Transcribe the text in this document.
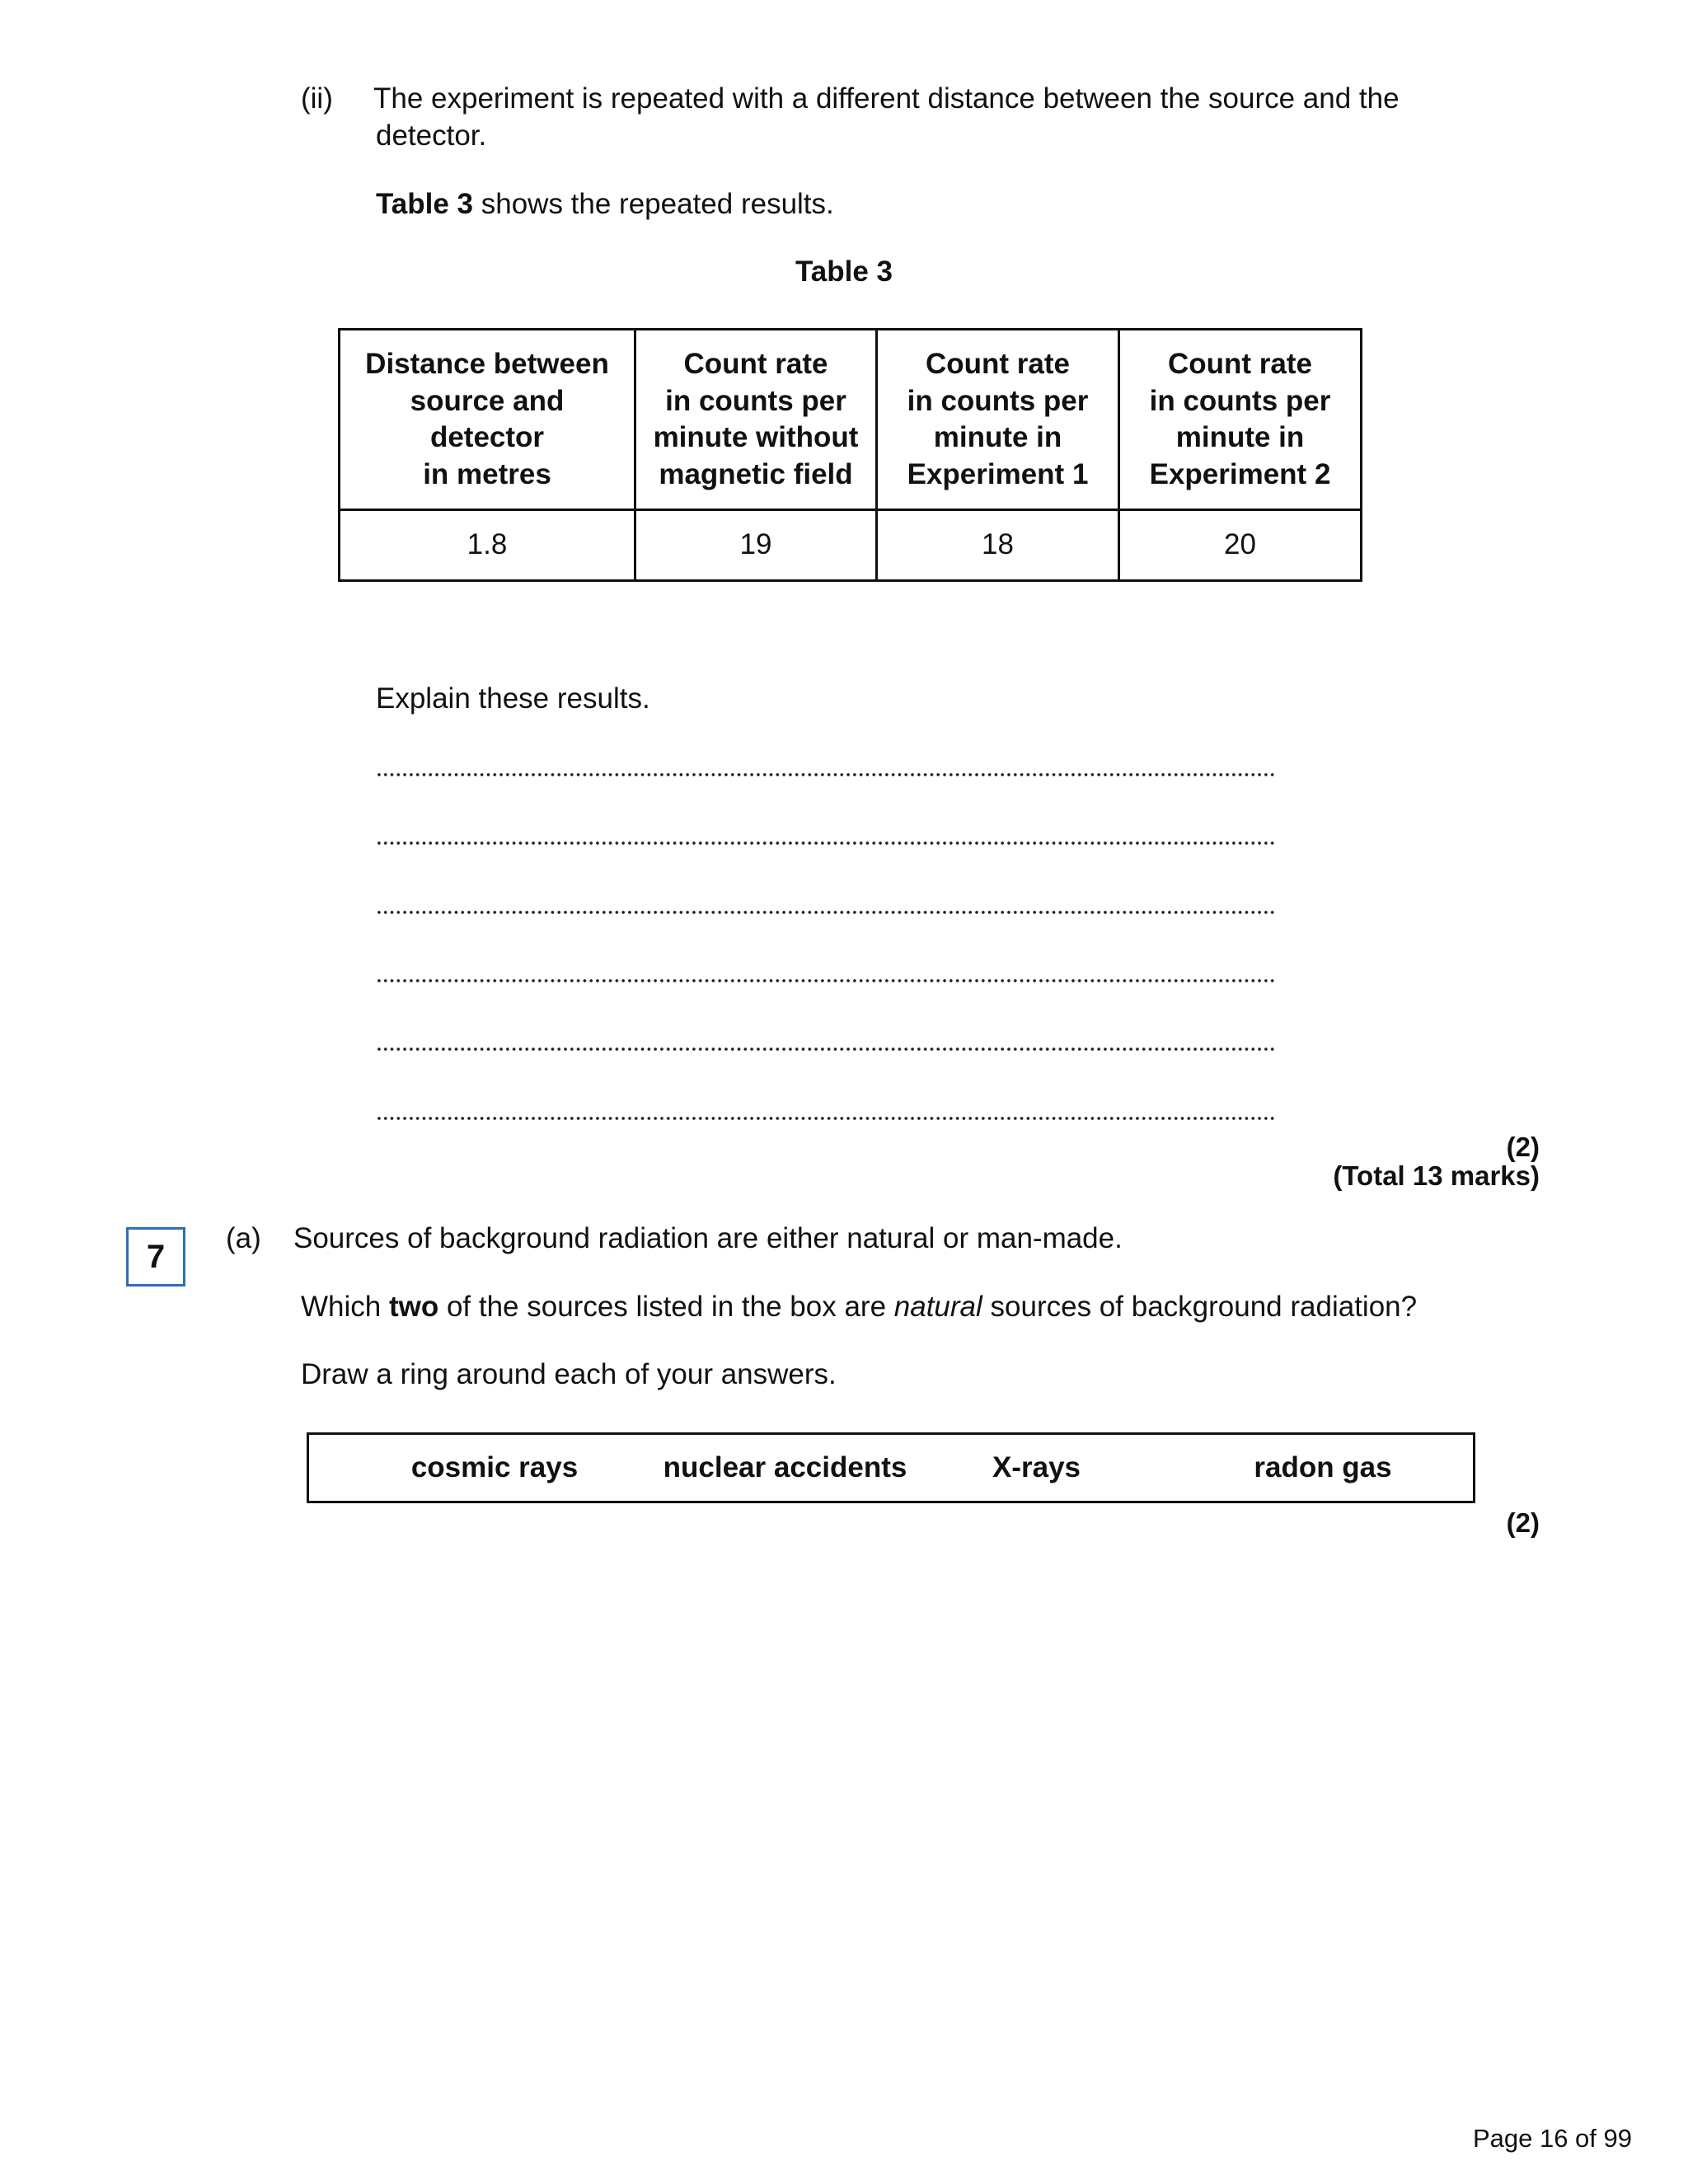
(ii) The experiment is repeated with a different distance between the source and the
detector.
Table 3 shows the repeated results.
Table 3
Distance between
source and
detector
in metres	Count rate
in counts per
minute without
magnetic field	Count rate
in counts per
minute in
Experiment 1	Count rate
in counts per
minute in
Experiment 2
1.8	19	18	20
Explain these results.
(2)
(Total 13 marks)
7	(a) Sources of background radiation are either natural or man-made.
Which two of the sources listed in the box are natural sources of background radiation?
Draw a ring around each of your answers.
cosmic rays	nuclear accidents	X-rays	radon gas
(2)
Page 16 of 99
